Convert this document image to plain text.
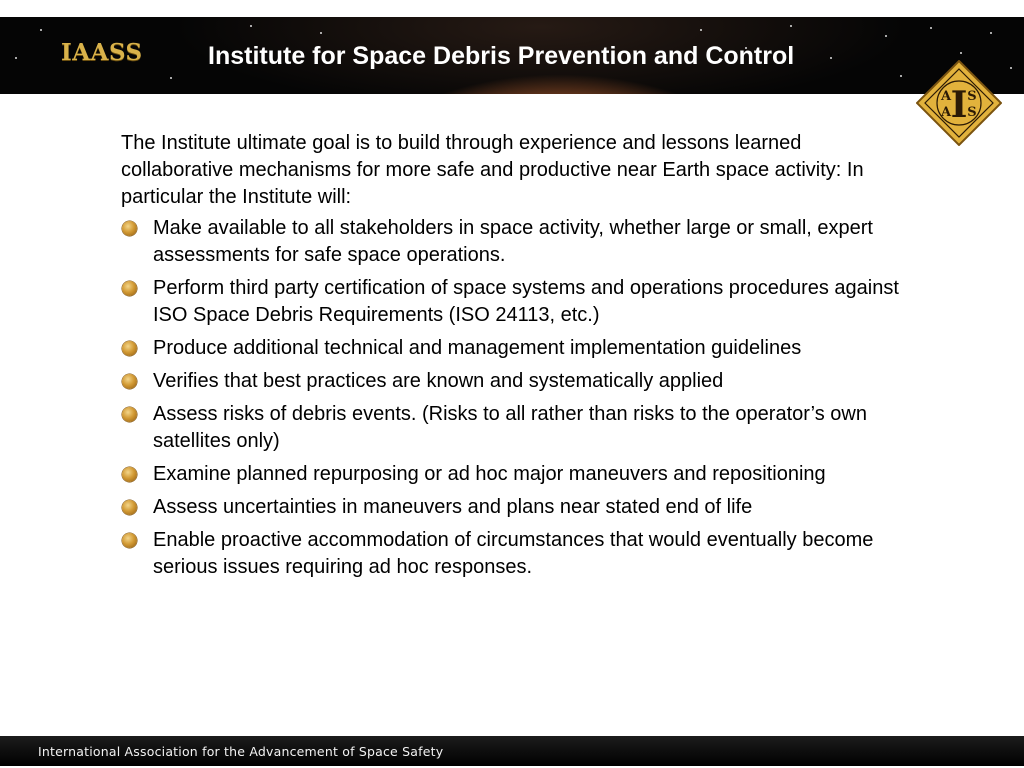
IAASS	Institute for Space Debris Prevention and Control
I
A S
A S

The Institute ultimate goal is to build through experience and lessons learned collaborative mechanisms for more safe and productive near Earth space activity: In particular the Institute will:

Make available to all stakeholders in space activity, whether large or small, expert assessments for safe space operations.
Perform third party certification of space systems and operations procedures against ISO Space Debris Requirements (ISO 24113, etc.)
Produce additional technical and management implementation guidelines
Verifies that best practices are known and systematically applied
Assess risks of debris events. (Risks to all rather than risks to the operator’s own satellites only)
Examine planned repurposing or ad hoc major maneuvers and repositioning
Assess uncertainties in maneuvers and plans near stated end of life
Enable proactive accommodation of circumstances that would eventually become serious issues requiring ad hoc responses.
International Association for the Advancement of Space Safety
